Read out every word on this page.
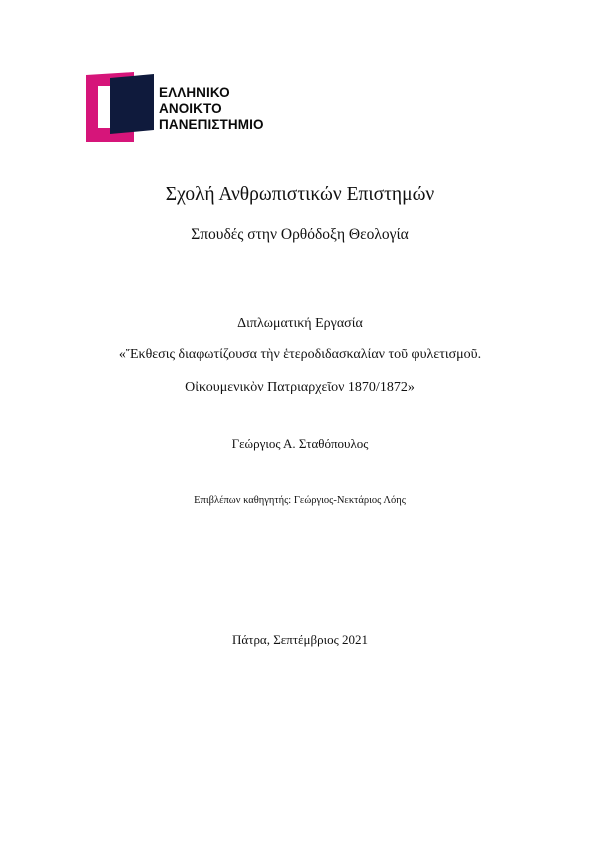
ΕΛΛΗΝΙΚΟ
ΑΝΟΙΚΤΟ
ΠΑΝΕΠΙΣΤΗΜΙΟ
Σχολή Ανθρωπιστικών Επιστημών
Σπουδές στην Ορθόδοξη Θεολογία
Διπλωματική Εργασία
«Ἔκθεσις διαφωτίζουσα τὴν ἑτεροδιδασκαλίαν τοῦ φυλετισμοῦ.
Οἰκουμενικὸν Πατριαρχεῖον 1870/1872»
Γεώργιος Α. Σταθόπουλος
Επιβλέπων καθηγητής: Γεώργιος-Νεκτάριος Λόης
Πάτρα, Σεπτέμβριος 2021
